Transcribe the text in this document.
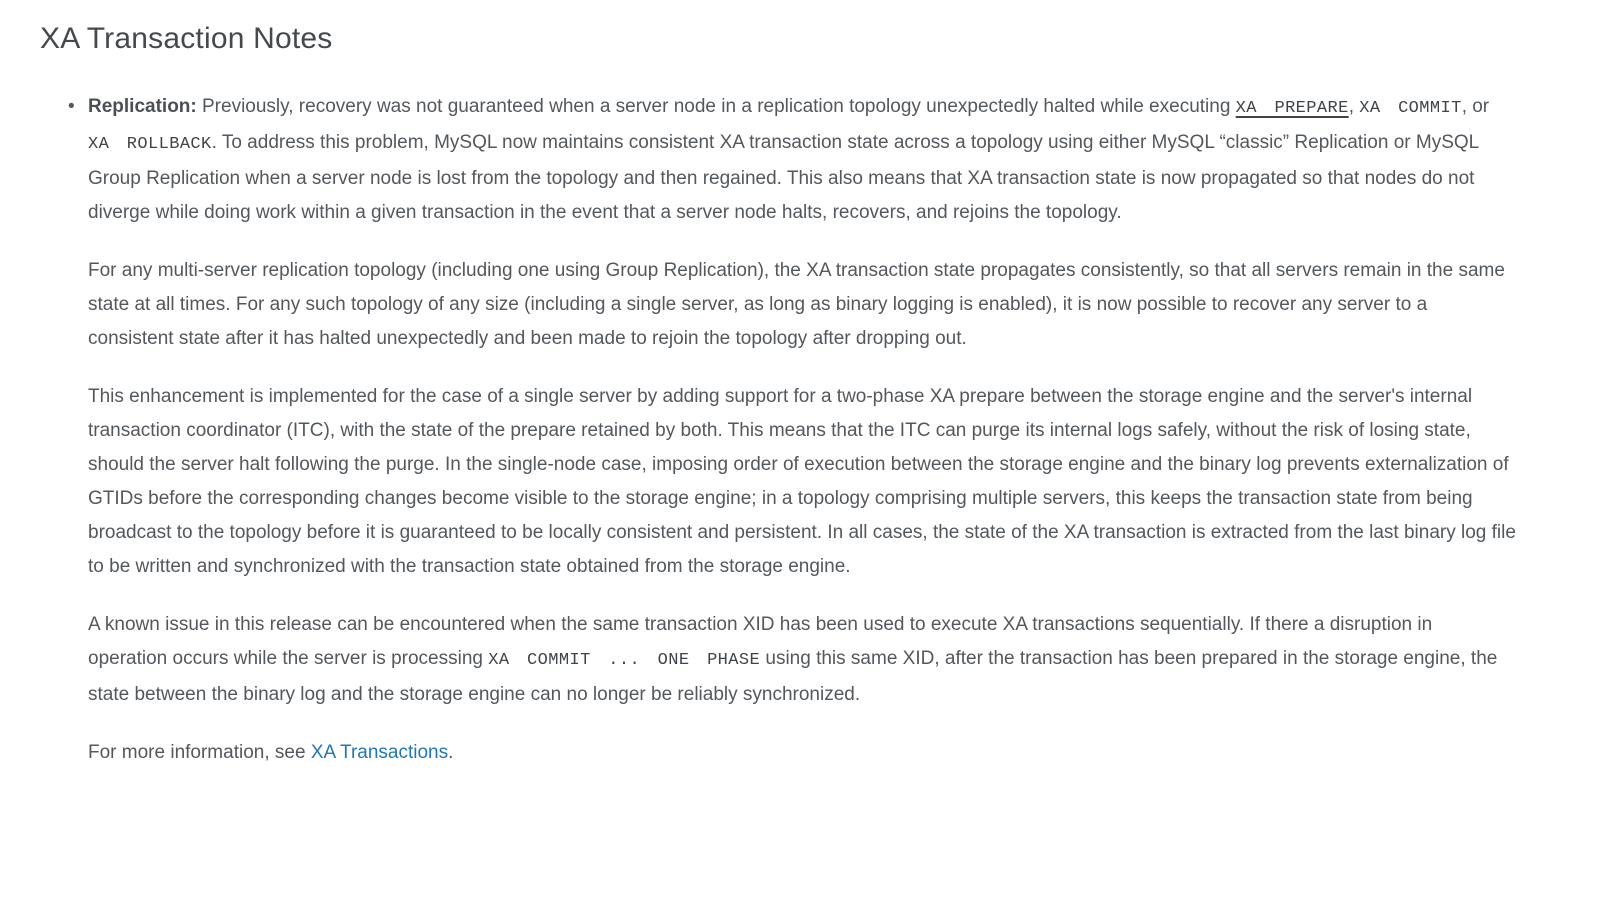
XA Transaction Notes
• Replication: Previously, recovery was not guaranteed when a server node in a replication topology unexpectedly halted while executing XA PREPARE, XA COMMIT, or XA ROLLBACK. To address this problem, MySQL now maintains consistent XA transaction state across a topology using either MySQL “classic” Replication or MySQL Group Replication when a server node is lost from the topology and then regained. This also means that XA transaction state is now propagated so that nodes do not diverge while doing work within a given transaction in the event that a server node halts, recovers, and rejoins the topology.

For any multi-server replication topology (including one using Group Replication), the XA transaction state propagates consistently, so that all servers remain in the same state at all times. For any such topology of any size (including a single server, as long as binary logging is enabled), it is now possible to recover any server to a consistent state after it has halted unexpectedly and been made to rejoin the topology after dropping out.

This enhancement is implemented for the case of a single server by adding support for a two-phase XA prepare between the storage engine and the server's internal transaction coordinator (ITC), with the state of the prepare retained by both. This means that the ITC can purge its internal logs safely, without the risk of losing state, should the server halt following the purge. In the single-node case, imposing order of execution between the storage engine and the binary log prevents externalization of GTIDs before the corresponding changes become visible to the storage engine; in a topology comprising multiple servers, this keeps the transaction state from being broadcast to the topology before it is guaranteed to be locally consistent and persistent. In all cases, the state of the XA transaction is extracted from the last binary log file to be written and synchronized with the transaction state obtained from the storage engine.

A known issue in this release can be encountered when the same transaction XID has been used to execute XA transactions sequentially. If there a disruption in operation occurs while the server is processing XA COMMIT ... ONE PHASE using this same XID, after the transaction has been prepared in the storage engine, the state between the binary log and the storage engine can no longer be reliably synchronized.

For more information, see XA Transactions.
